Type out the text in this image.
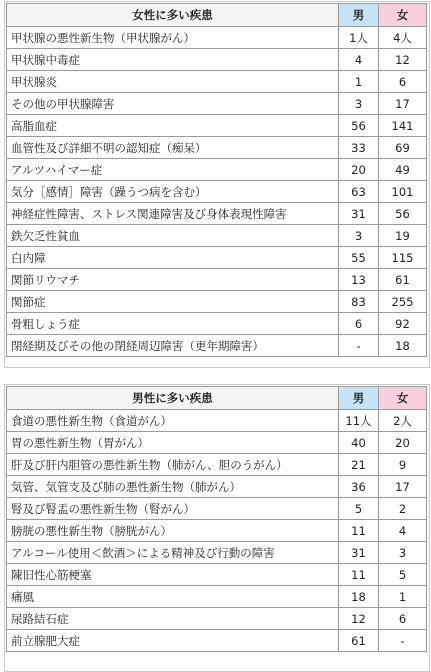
女性に多い疾患	男	女
甲状腺の悪性新生物（甲状腺がん）	1人	4人
甲状腺中毒症	4	12
甲状腺炎	1	6
その他の甲状腺障害	3	17
高脂血症	56	141
血管性及び詳細不明の認知症（痴呆）	33	69
アルツハイマー症	20	49
気分［感情］障害（躁うつ病を含む）	63	101
神経症性障害、ストレス関連障害及び身体表現性障害	31	56
鉄欠乏性貧血	3	19
白内障	55	115
関節リウマチ	13	61
関節症	83	255
骨粗しょう症	6	92
閉経期及びその他の閉経周辺障害（更年期障害）	-	18
男性に多い疾患	男	女
食道の悪性新生物（食道がん）	11人	2人
胃の悪性新生物（胃がん）	40	20
肝及び肝内胆管の悪性新生物（肺がん、胆のうがん）	21	9
気管、気管支及び肺の悪性新生物（肺がん）	36	17
腎及び腎盂の悪性新生物（腎がん）	5	2
膀胱の悪性新生物（膀胱がん）	11	4
アルコール使用＜飲酒＞による精神及び行動の障害	31	3
陳旧性心筋梗塞	11	5
痛風	18	1
尿路結石症	12	6
前立腺肥大症	61	-
